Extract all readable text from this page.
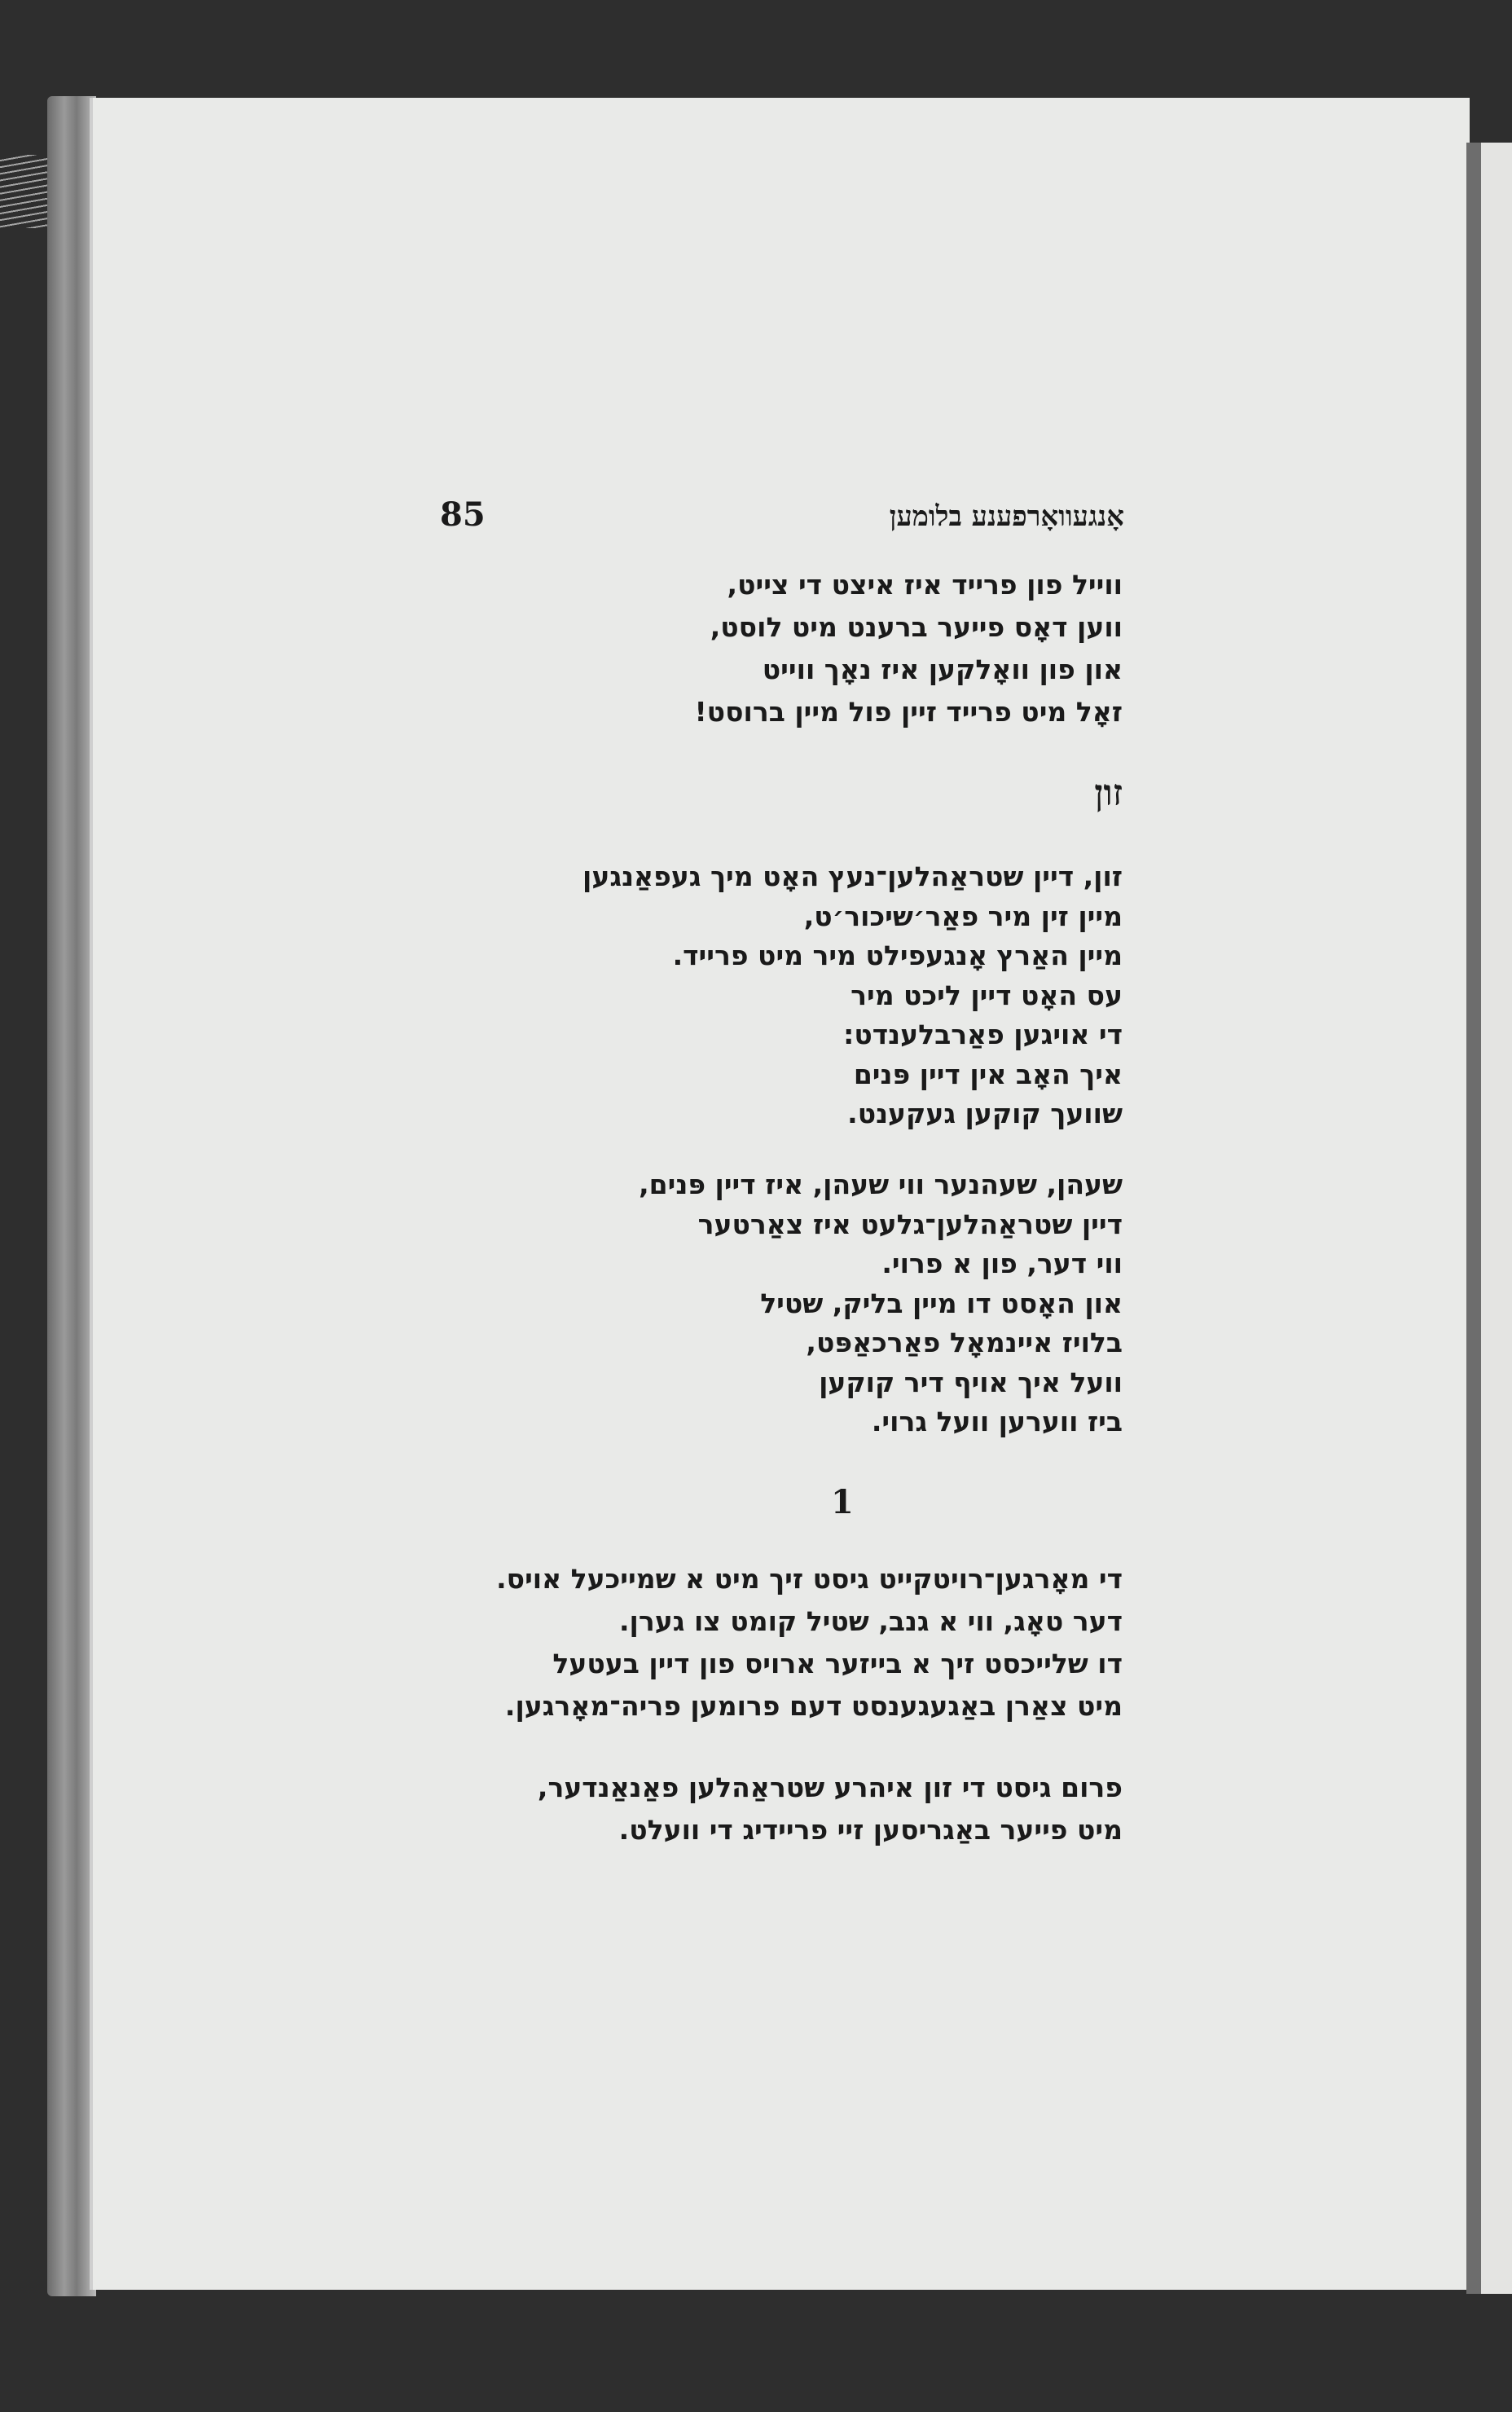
85	אָנגעוואָרפענע בלומען
ווייל פון פרייד איז איצט די צייט,
ווען דאָס פייער ברענט מיט לוסט,
און פון וואָלקען איז נאָך ווייט
זאָל מיט פרייד זיין פול מיין ברוסט!
זון
זון, דיין שטראַהלען־נעץ האָט מיך געפאַנגען
מיין זין מיר פאַר׳שיכור׳ט,
מיין האַרץ אָנגעפילט מיר מיט פרייד.
עס האָט דיין ליכט מיר
די אויגען פאַרבלענדט:
איך האָב אין דיין פּנים
שוועך קוקען געקענט.
שעהן, שעהנער ווי שעהן, איז דיין פּנים,
דיין שטראַהלען־גלעט איז צאַרטער
ווי דער, פון א פרוי.
און האָסט דו מיין בליק, שטיל
בלויז איינמאָל פאַרכאַפּט,
וועל איך אויף דיר קוקען
ביז ווערען וועל גרוי.
1
די מאָרגען־רויטקייט גיסט זיך מיט א שמייכעל אויס.
דער טאָג, ווי א גנב, שטיל קומט צו גערן.
דו שלייכסט זיך א בייזער ארויס פון דיין בעטעל
מיט צאַרן באַגעגענסט דעם פרומען פריה־מאָרגען.
פרום גיסט די זון איהרע שטראַהלען פאַנאַנדער,
מיט פייער באַגריסען זיי פריידיג די וועלט.
